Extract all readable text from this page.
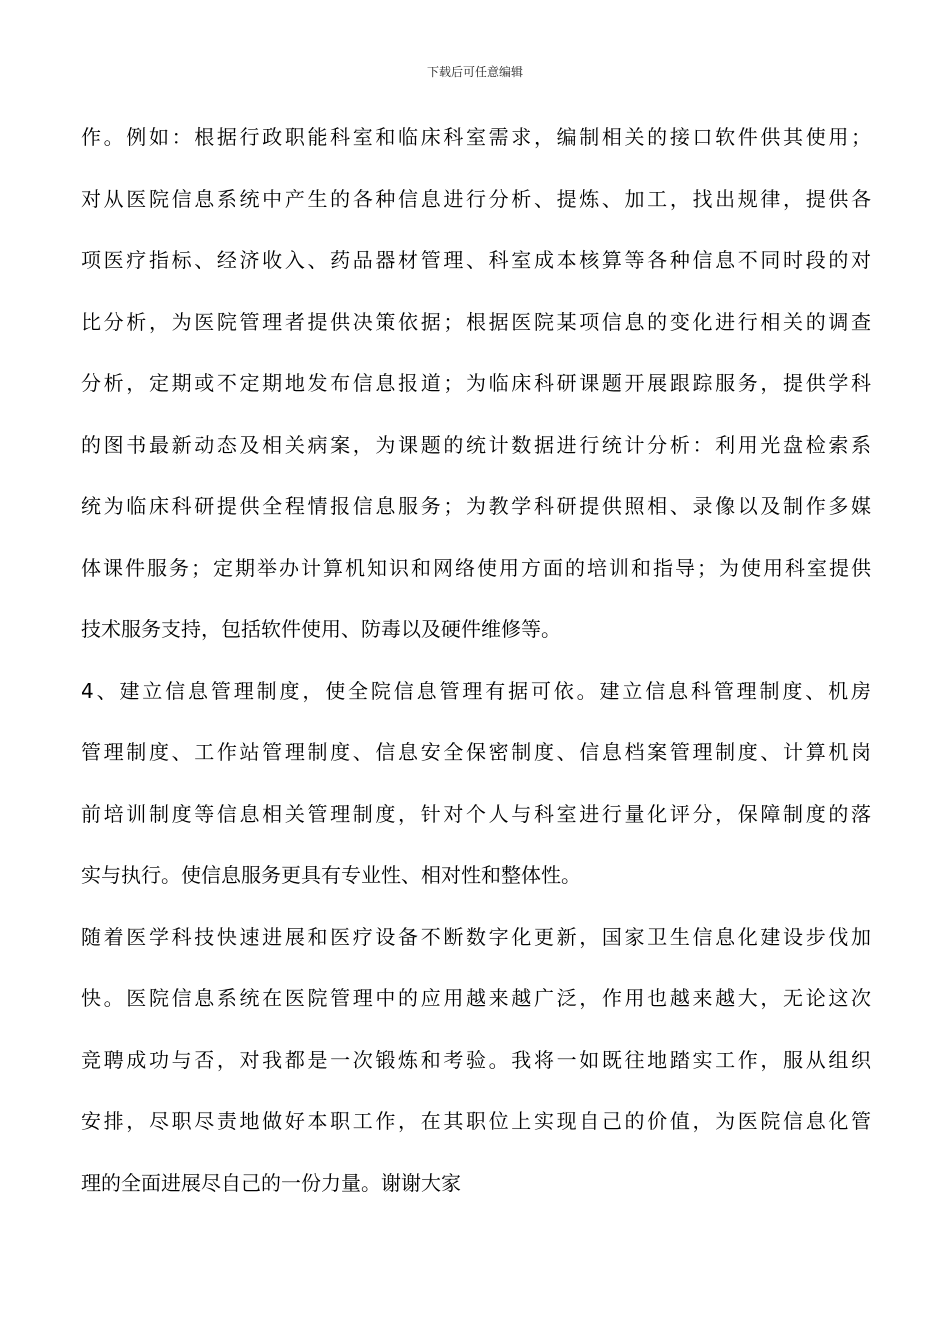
下载后可任意编辑
作。例如：根据行政职能科室和临床科室需求，编制相关的接口软件供其使用；
对从医院信息系统中产生的各种信息进行分析、提炼、加工，找出规律，提供各
项医疗指标、经济收入、药品器材管理、科室成本核算等各种信息不同时段的对
比分析，为医院管理者提供决策依据；根据医院某项信息的变化进行相关的调查
分析，定期或不定期地发布信息报道；为临床科研课题开展跟踪服务，提供学科
的图书最新动态及相关病案，为课题的统计数据进行统计分析：利用光盘检索系
统为临床科研提供全程情报信息服务；为教学科研提供照相、录像以及制作多媒
体课件服务；定期举办计算机知识和网络使用方面的培训和指导；为使用科室提供
技术服务支持，包括软件使用、防毒以及硬件维修等。
4、建立信息管理制度，使全院信息管理有据可依。建立信息科管理制度、机房
管理制度、工作站管理制度、信息安全保密制度、信息档案管理制度、计算机岗
前培训制度等信息相关管理制度，针对个人与科室进行量化评分，保障制度的落
实与执行。使信息服务更具有专业性、相对性和整体性。
随着医学科技快速进展和医疗设备不断数字化更新，国家卫生信息化建设步伐加
快。医院信息系统在医院管理中的应用越来越广泛，作用也越来越大，无论这次
竞聘成功与否，对我都是一次锻炼和考验。我将一如既往地踏实工作，服从组织
安排，尽职尽责地做好本职工作，在其职位上实现自己的价值，为医院信息化管
理的全面进展尽自己的一份力量。谢谢大家
